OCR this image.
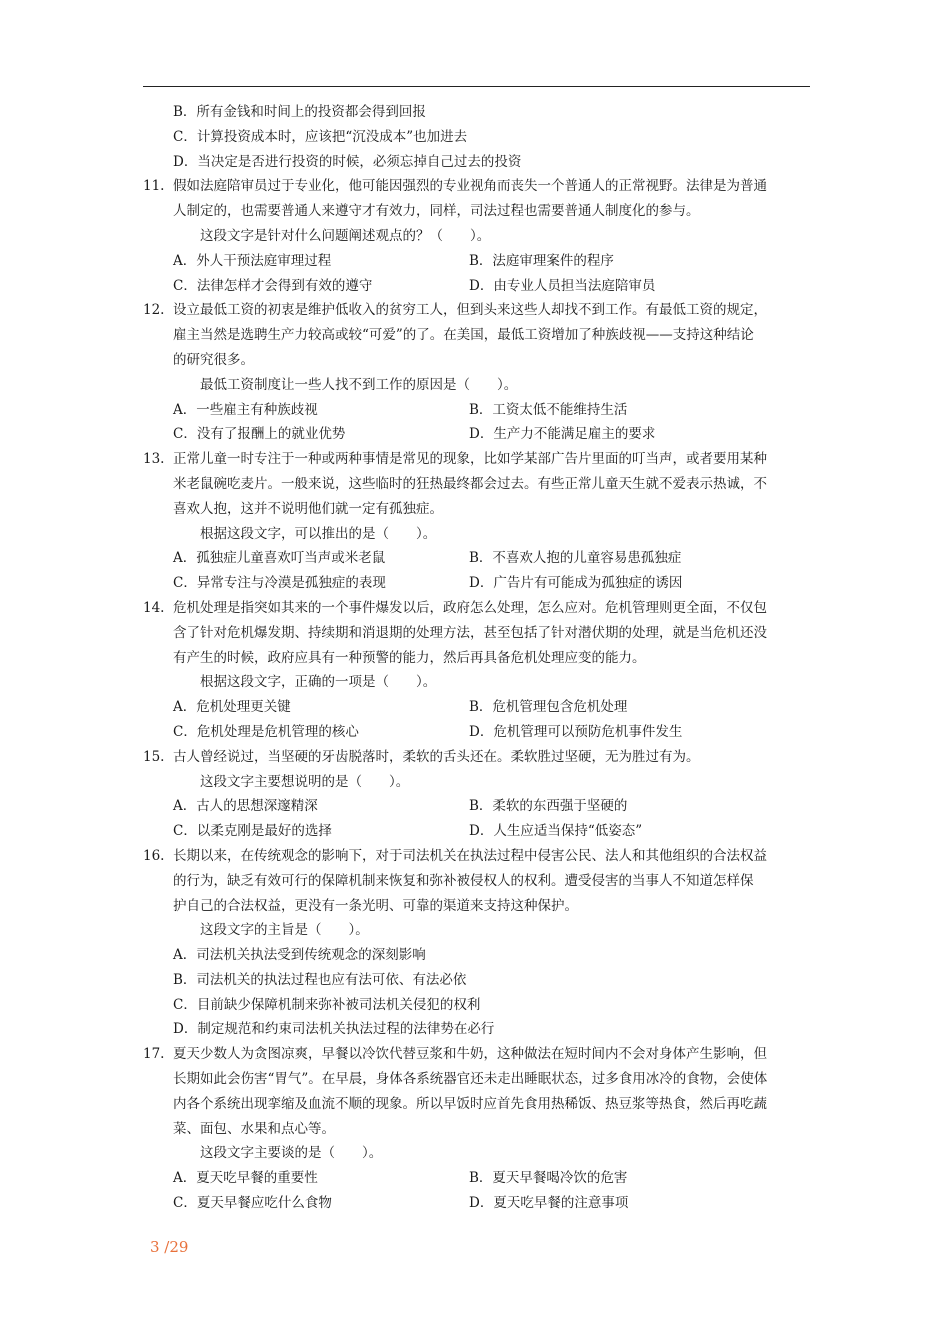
B．所有金钱和时间上的投资都会得到回报
C．计算投资成本时，应该把“沉没成本”也加进去
D．当决定是否进行投资的时候，必须忘掉自己过去的投资
11. 假如法庭陪审员过于专业化，他可能因强烈的专业视角而丧失一个普通人的正常视野。法律是为普通
人制定的，也需要普通人来遵守才有效力，同样，司法过程也需要普通人制度化的参与。
这段文字是针对什么问题阐述观点的？（　　）。
A．外人干预法庭审理过程	B．法庭审理案件的程序
C．法律怎样才会得到有效的遵守	D．由专业人员担当法庭陪审员
12. 设立最低工资的初衷是维护低收入的贫穷工人，但到头来这些人却找不到工作。有最低工资的规定，
雇主当然是选聘生产力较高或较“可爱”的了。在美国，最低工资增加了种族歧视——支持这种结论
的研究很多。
最低工资制度让一些人找不到工作的原因是（　　）。
A．一些雇主有种族歧视	B．工资太低不能维持生活
C．没有了报酬上的就业优势	D．生产力不能满足雇主的要求
13. 正常儿童一时专注于一种或两种事情是常见的现象，比如学某部广告片里面的叮当声，或者要用某种
米老鼠碗吃麦片。一般来说，这些临时的狂热最终都会过去。有些正常儿童天生就不爱表示热诚，不
喜欢人抱，这并不说明他们就一定有孤独症。
根据这段文字，可以推出的是（　　）。
A．孤独症儿童喜欢叮当声或米老鼠	B．不喜欢人抱的儿童容易患孤独症
C．异常专注与冷漠是孤独症的表现	D．广告片有可能成为孤独症的诱因
14. 危机处理是指突如其来的一个事件爆发以后，政府怎么处理，怎么应对。危机管理则更全面，不仅包
含了针对危机爆发期、持续期和消退期的处理方法，甚至包括了针对潜伏期的处理，就是当危机还没
有产生的时候，政府应具有一种预警的能力，然后再具备危机处理应变的能力。
根据这段文字，正确的一项是（　　）。
A．危机处理更关键	B．危机管理包含危机处理
C．危机处理是危机管理的核心	D．危机管理可以预防危机事件发生
15. 古人曾经说过，当坚硬的牙齿脱落时，柔软的舌头还在。柔软胜过坚硬，无为胜过有为。
这段文字主要想说明的是（　　）。
A．古人的思想深邃精深	B．柔软的东西强于坚硬的
C．以柔克刚是最好的选择	D．人生应适当保持“低姿态”
16. 长期以来，在传统观念的影响下，对于司法机关在执法过程中侵害公民、法人和其他组织的合法权益
的行为，缺乏有效可行的保障机制来恢复和弥补被侵权人的权利。遭受侵害的当事人不知道怎样保
护自己的合法权益，更没有一条光明、可靠的渠道来支持这种保护。
这段文字的主旨是（　　）。
A．司法机关执法受到传统观念的深刻影响
B．司法机关的执法过程也应有法可依、有法必依
C．目前缺少保障机制来弥补被司法机关侵犯的权利
D．制定规范和约束司法机关执法过程的法律势在必行
17. 夏天少数人为贪图凉爽，早餐以冷饮代替豆浆和牛奶，这种做法在短时间内不会对身体产生影响，但
长期如此会伤害“胃气”。在早晨，身体各系统器官还未走出睡眠状态，过多食用冰冷的食物，会使体
内各个系统出现挛缩及血流不顺的现象。所以早饭时应首先食用热稀饭、热豆浆等热食，然后再吃蔬
菜、面包、水果和点心等。
这段文字主要谈的是（　　）。
A．夏天吃早餐的重要性	B．夏天早餐喝冷饮的危害
C．夏天早餐应吃什么食物	D．夏天吃早餐的注意事项
3 /29
